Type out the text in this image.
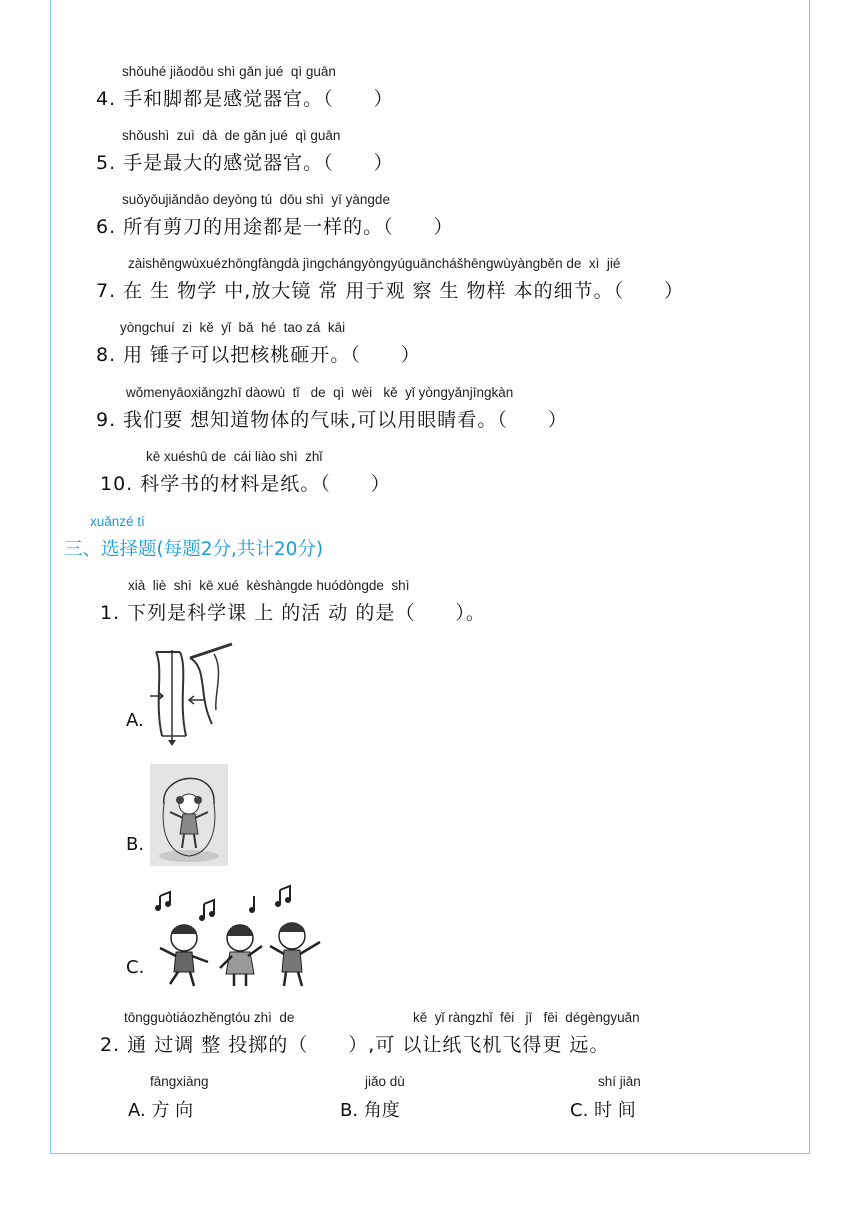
shǒuhé jiǎodōu shì gǎn jué  qì guān
4. 手和脚都是感觉器官。（　　）
shǒushì  zuì  dà  de gǎn jué  qì guān
5. 手是最大的感觉器官。（　　）
suǒyǒujiǎndāo deyòng tú  dōu shì  yī yàngde
6. 所有剪刀的用途都是一样的。（　　）
zàishēngwùxuézhōngfàngdà jìngchángyòngyúguānchášhēngwùyàngběn de  xì  jié
7. 在 生 物学 中,放大镜 常 用于观 察 生 物样 本的细节。（　　）
yòngchuí  zi  kě  yǐ  bǎ  hé  tao zá  kāi
8. 用 锤子可以把核桃砸开。（　　）
wǒmenyāoxiǎngzhī dàowù  tǐ   de  qì  wèi   kě  yǐ yòngyǎnjīngkàn
9. 我们要 想知道物体的气味,可以用眼睛看。（　　）
kē xuéshū de  cái liào shì  zhǐ
10. 科学书的材料是纸。（　　）
xuǎnzé tí
三、选择题(每题2分,共计20分)
xià  liè  shì  kē xué  kèshàngde huódòngde  shì
1. 下列是科学课 上 的活 动 的是（　　）。
A.
B.
C.
tōngguòtiáozhěngtóu zhì  de	kě  yǐ ràngzhǐ  fēi   jī   fēi  dégèngyuǎn
2. 通 过调 整 投掷的（　　）,可 以让纸飞机飞得更 远。
fāngxiàng
A. 方 向
jiǎo dù
B. 角度
shí jiān
C. 时 间
